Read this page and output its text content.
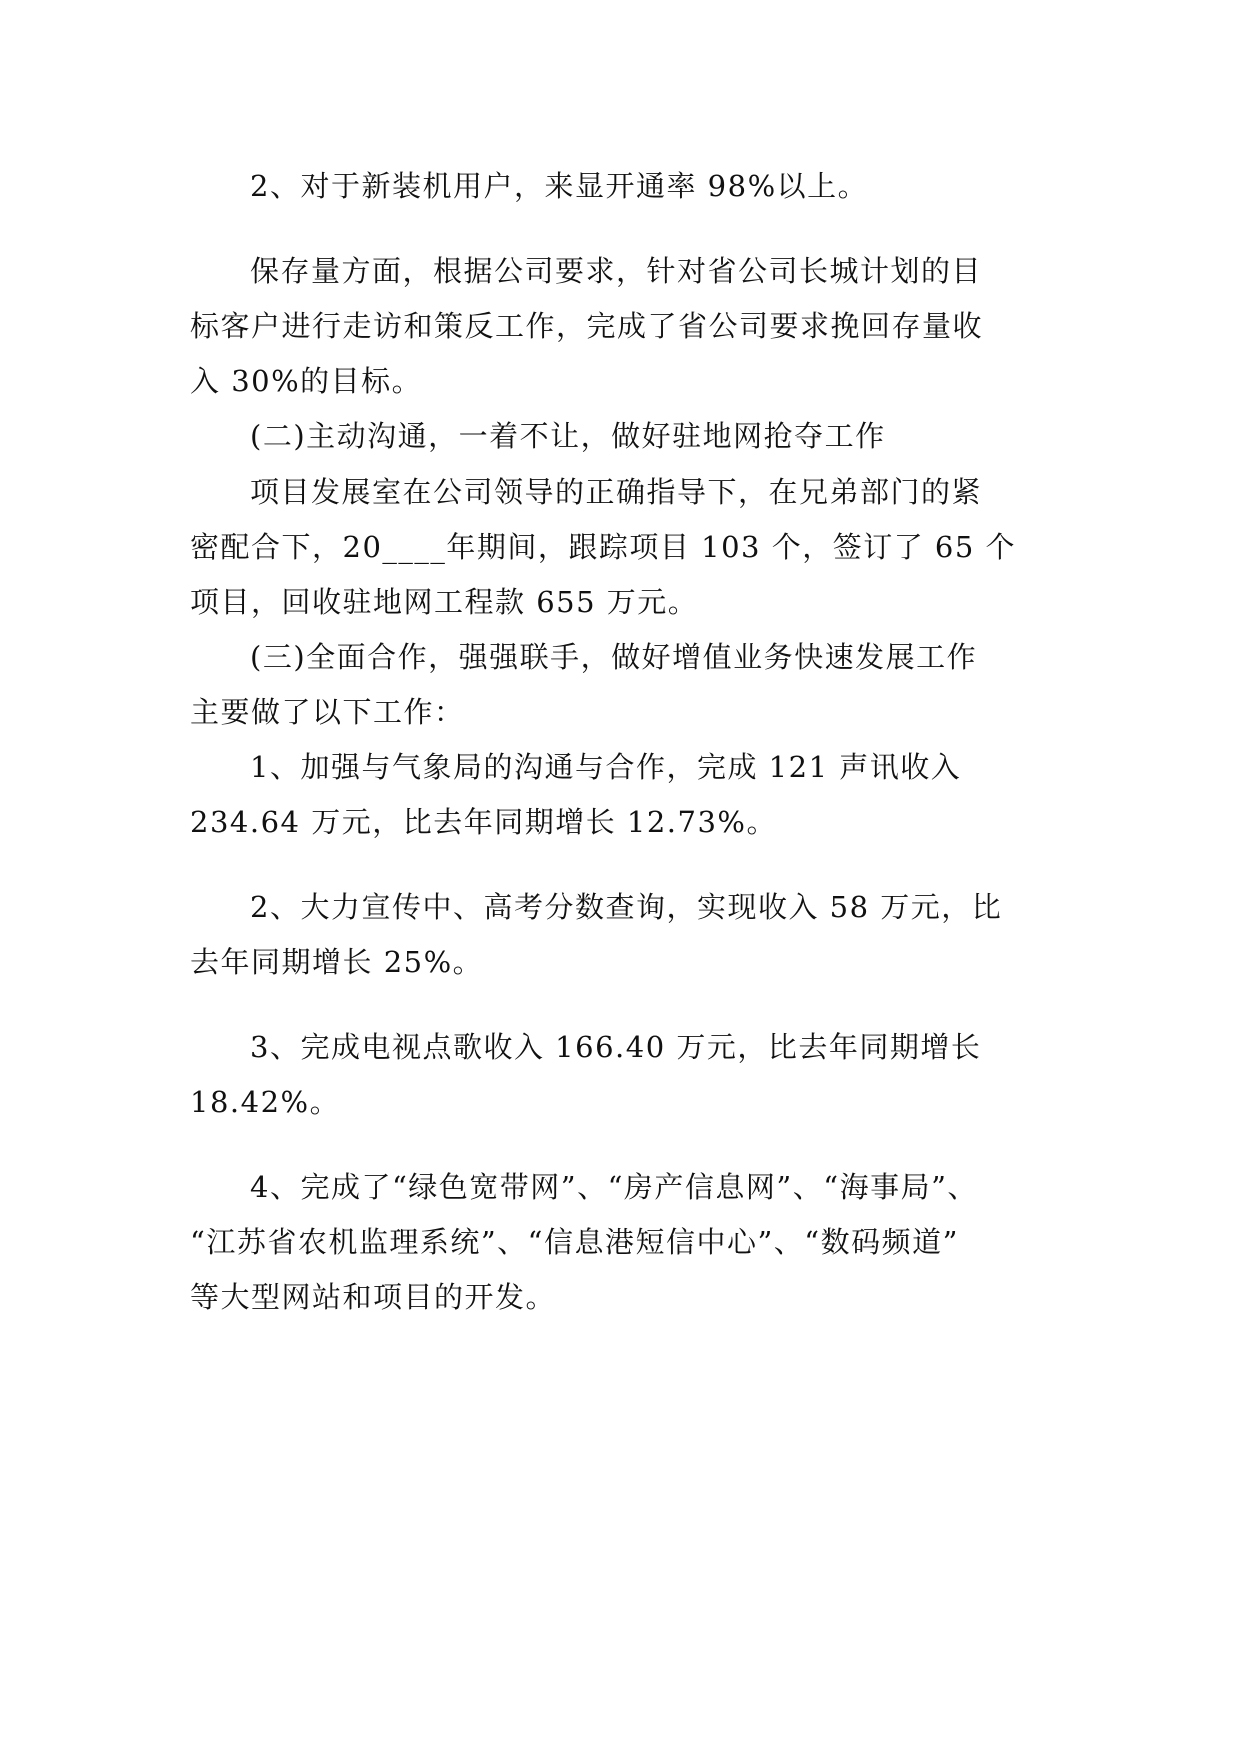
2、对于新装机用户，来显开通率 98%以上。
保存量方面，根据公司要求，针对省公司长城计划的目
标客户进行走访和策反工作，完成了省公司要求挽回存量收
入 30%的目标。
(二)主动沟通，一着不让，做好驻地网抢夺工作
项目发展室在公司领导的正确指导下，在兄弟部门的紧
密配合下，20____年期间，跟踪项目 103 个，签订了 65 个
项目，回收驻地网工程款 655 万元。
(三)全面合作，强强联手，做好增值业务快速发展工作
主要做了以下工作：
1、加强与气象局的沟通与合作，完成 121 声讯收入
234.64 万元，比去年同期增长 12.73%。
2、大力宣传中、高考分数查询，实现收入 58 万元，比
去年同期增长 25%。
3、完成电视点歌收入 166.40 万元，比去年同期增长
18.42%。
4、完成了“绿色宽带网”、“房产信息网”、“海事局”、
“江苏省农机监理系统”、“信息港短信中心”、“数码频道”
等大型网站和项目的开发。
